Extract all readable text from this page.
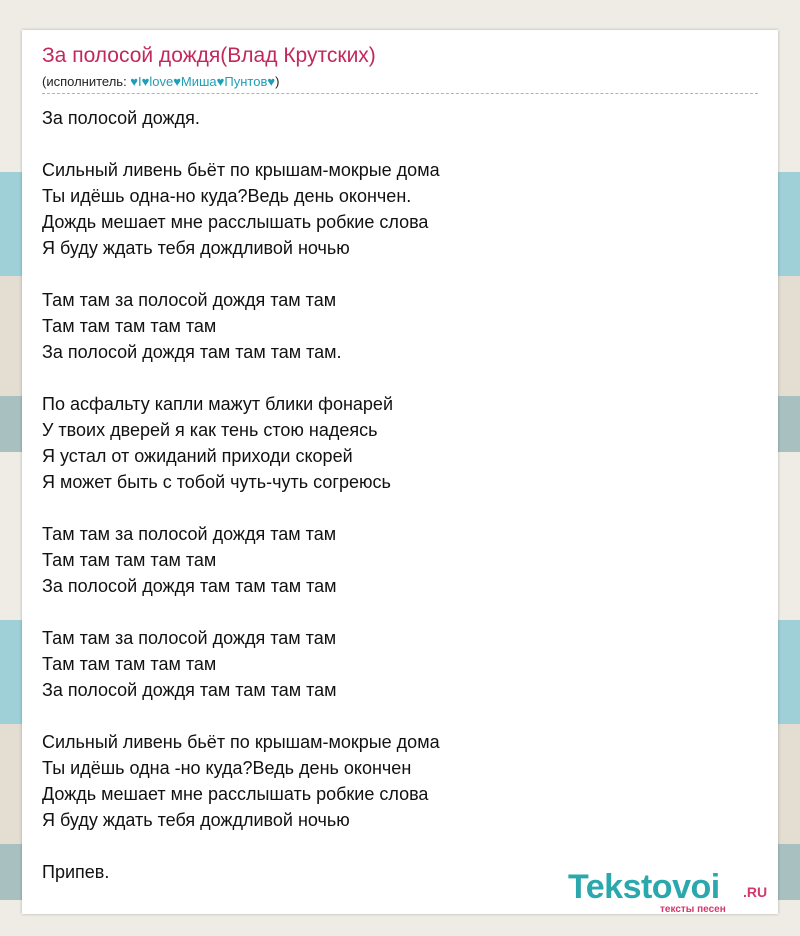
За полосой дождя(Влад Крутских)
(исполнитель: ♥I♥love♥Миша♥Пунтов♥)
За полосой дождя.
Сильный ливень бьёт по крышам-мокрые дома
Ты идёшь одна-но куда?Ведь день окончен.
Дождь мешает мне расслышать робкие слова
Я буду ждать тебя дождливой ночью
Там там за полосой дождя там там
Там там там там там
За полосой дождя там там там там.
По асфальту капли мажут блики фонарей
У твоих дверей я как тень стою надеясь
Я устал от ожиданий приходи скорей
Я может быть с тобой чуть-чуть согреюсь
Там там за полосой дождя там там
Там там там там там
За полосой дождя там там там там
Там там за полосой дождя там там
Там там там там там
За полосой дождя там там там там
Сильный ливень бьёт по крышам-мокрые дома
Ты идёшь одна -но куда?Ведь день окончен
Дождь мешает мне расслышать робкие слова
Я буду ждать тебя дождливой ночью
Припев.	Tekstovoi .RU
тексты песен
